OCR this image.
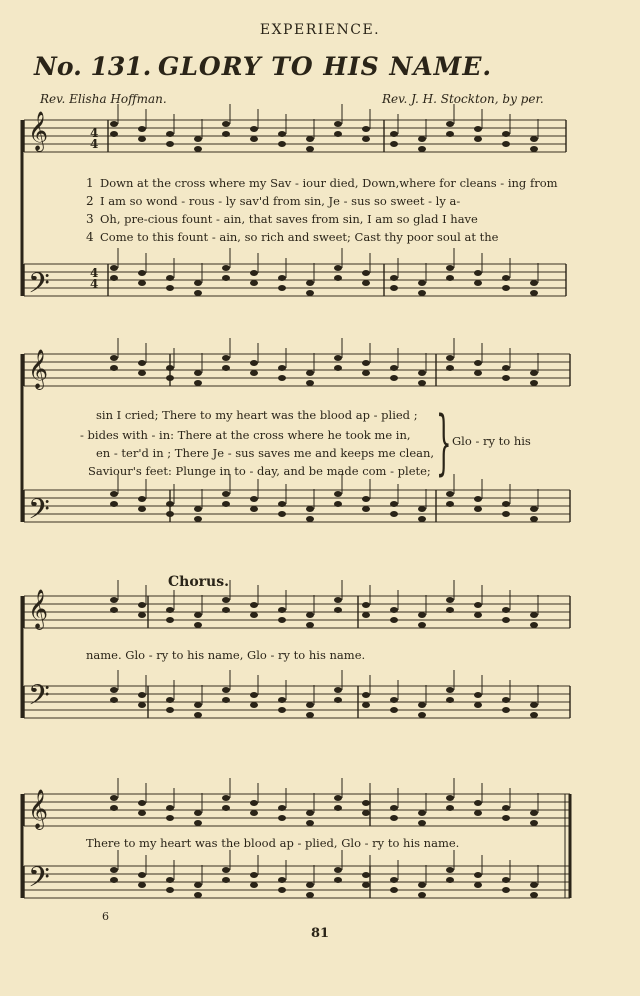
EXPERIENCE.
No. 131. GLORY TO HIS NAME.
Rev. Elisha Hoffman.	Rev. J. H. Stockton, by per.
𝄞
𝄢
𝄞
𝄢
𝄞
𝄢
𝄞
𝄢
4
4
4
4
1
2
3
4
Down at the cross where my Sav - iour died, Down,where for cleans - ing from
I am so wond - rous - ly sav'd from sin, Je - sus so sweet - ly a-
Oh, pre-cious fount - ain, that saves from sin, I am so glad I have
Come to this fount - ain, so rich and sweet; Cast thy poor soul at the
sin I cried; There to my heart was the blood ap - plied ;
- bides with - in: There at the cross where he took me in,
en - ter'd in ; There Je - sus saves me and keeps me clean,
Saviour's feet: Plunge in to - day, and be made com - plete; } Glo - ry to his
Chorus.
name. Glo - ry to his name, Glo - ry to his name.
There to my heart was the blood ap - plied, Glo - ry to his name.
6
81
